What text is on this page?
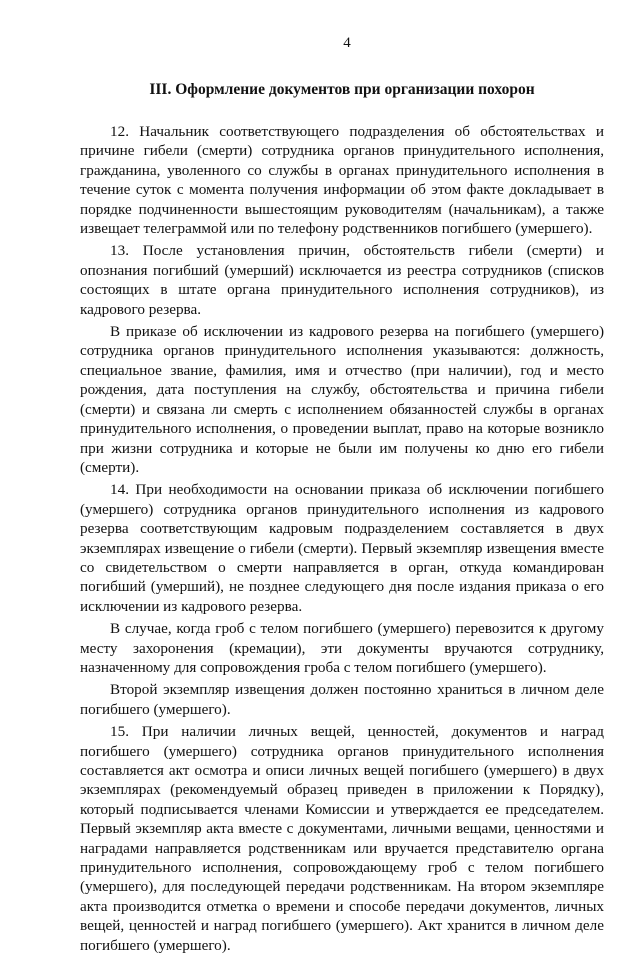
4
III. Оформление документов при организации похорон

12. Начальник соответствующего подразделения об обстоятельствах и причине гибели (смерти) сотрудника органов принудительного исполнения, гражданина, уволенного со службы в органах принудительного исполнения в течение суток с момента получения информации об этом факте докладывает в порядке подчиненности вышестоящим руководителям (начальникам), а также извещает телеграммой или по телефону родственников погибшего (умершего).

13. После установления причин, обстоятельств гибели (смерти) и опознания погибший (умерший) исключается из реестра сотрудников (списков состоящих в штате органа принудительного исполнения сотрудников), из кадрового резерва.

В приказе об исключении из кадрового резерва на погибшего (умершего) сотрудника органов принудительного исполнения указываются: должность, специальное звание, фамилия, имя и отчество (при наличии), год и место рождения, дата поступления на службу, обстоятельства и причина гибели (смерти) и связана ли смерть с исполнением обязанностей службы в органах принудительного исполнения, о проведении выплат, право на которые возникло при жизни сотрудника и которые не были им получены ко дню его гибели (смерти).

14. При необходимости на основании приказа об исключении погибшего (умершего) сотрудника органов принудительного исполнения из кадрового резерва соответствующим кадровым подразделением составляется в двух экземплярах извещение о гибели (смерти). Первый экземпляр извещения вместе со свидетельством о смерти направляется в орган, откуда командирован погибший (умерший), не позднее следующего дня после издания приказа о его исключении из кадрового резерва.

В случае, когда гроб с телом погибшего (умершего) перевозится к другому месту захоронения (кремации), эти документы вручаются сотруднику, назначенному для сопровождения гроба с телом погибшего (умершего).

Второй экземпляр извещения должен постоянно храниться в личном деле погибшего (умершего).

15. При наличии личных вещей, ценностей, документов и наград погибшего (умершего) сотрудника органов принудительного исполнения составляется акт осмотра и описи личных вещей погибшего (умершего) в двух экземплярах (рекомендуемый образец приведен в приложении к Порядку), который подписывается членами Комиссии и утверждается ее председателем. Первый экземпляр акта вместе с документами, личными вещами, ценностями и наградами направляется родственникам или вручается представителю органа принудительного исполнения, сопровождающему гроб с телом погибшего (умершего), для последующей передачи родственникам. На втором экземпляре акта производится отметка о времени и способе передачи документов, личных вещей, ценностей и наград погибшего (умершего). Акт хранится в личном деле погибшего (умершего).
